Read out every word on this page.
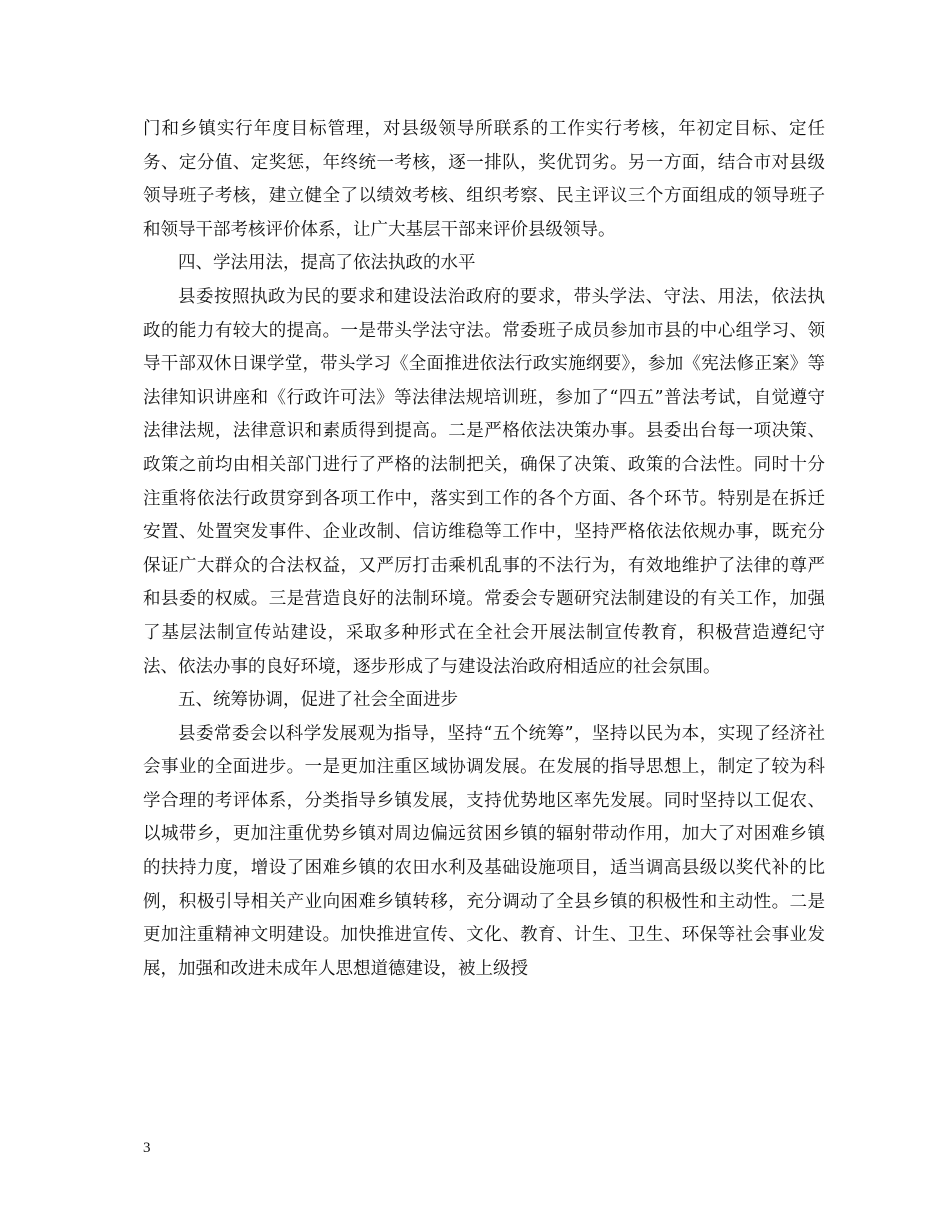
门和乡镇实行年度目标管理，对县级领导所联系的工作实行考核，年初定目标、定任务、定分值、定奖惩，年终统一考核，逐一排队，奖优罚劣。另一方面，结合市对县级领导班子考核，建立健全了以绩效考核、组织考察、民主评议三个方面组成的领导班子和领导干部考核评价体系，让广大基层干部来评价县级领导。

四、学法用法，提高了依法执政的水平

县委按照执政为民的要求和建设法治政府的要求，带头学法、守法、用法，依法执政的能力有较大的提高。一是带头学法守法。常委班子成员参加市县的中心组学习、领导干部双休日课学堂，带头学习《全面推进依法行政实施纲要》，参加《宪法修正案》等法律知识讲座和《行政许可法》等法律法规培训班，参加了“四五”普法考试，自觉遵守法律法规，法律意识和素质得到提高。二是严格依法决策办事。县委出台每一项决策、政策之前均由相关部门进行了严格的法制把关，确保了决策、政策的合法性。同时十分注重将依法行政贯穿到各项工作中，落实到工作的各个方面、各个环节。特别是在拆迁安置、处置突发事件、企业改制、信访维稳等工作中，坚持严格依法依规办事，既充分保证广大群众的合法权益，又严厉打击乘机乱事的不法行为，有效地维护了法律的尊严和县委的权威。三是营造良好的法制环境。常委会专题研究法制建设的有关工作，加强了基层法制宣传站建设，采取多种形式在全社会开展法制宣传教育，积极营造遵纪守法、依法办事的良好环境，逐步形成了与建设法治政府相适应的社会氛围。

五、统筹协调，促进了社会全面进步

县委常委会以科学发展观为指导，坚持“五个统筹”，坚持以民为本，实现了经济社会事业的全面进步。一是更加注重区域协调发展。在发展的指导思想上，制定了较为科学合理的考评体系，分类指导乡镇发展，支持优势地区率先发展。同时坚持以工促农、以城带乡，更加注重优势乡镇对周边偏远贫困乡镇的辐射带动作用，加大了对困难乡镇的扶持力度，增设了困难乡镇的农田水利及基础设施项目，适当调高县级以奖代补的比例，积极引导相关产业向困难乡镇转移，充分调动了全县乡镇的积极性和主动性。二是更加注重精神文明建设。加快推进宣传、文化、教育、计生、卫生、环保等社会事业发展，加强和改进未成年人思想道德建设，被上级授

3
